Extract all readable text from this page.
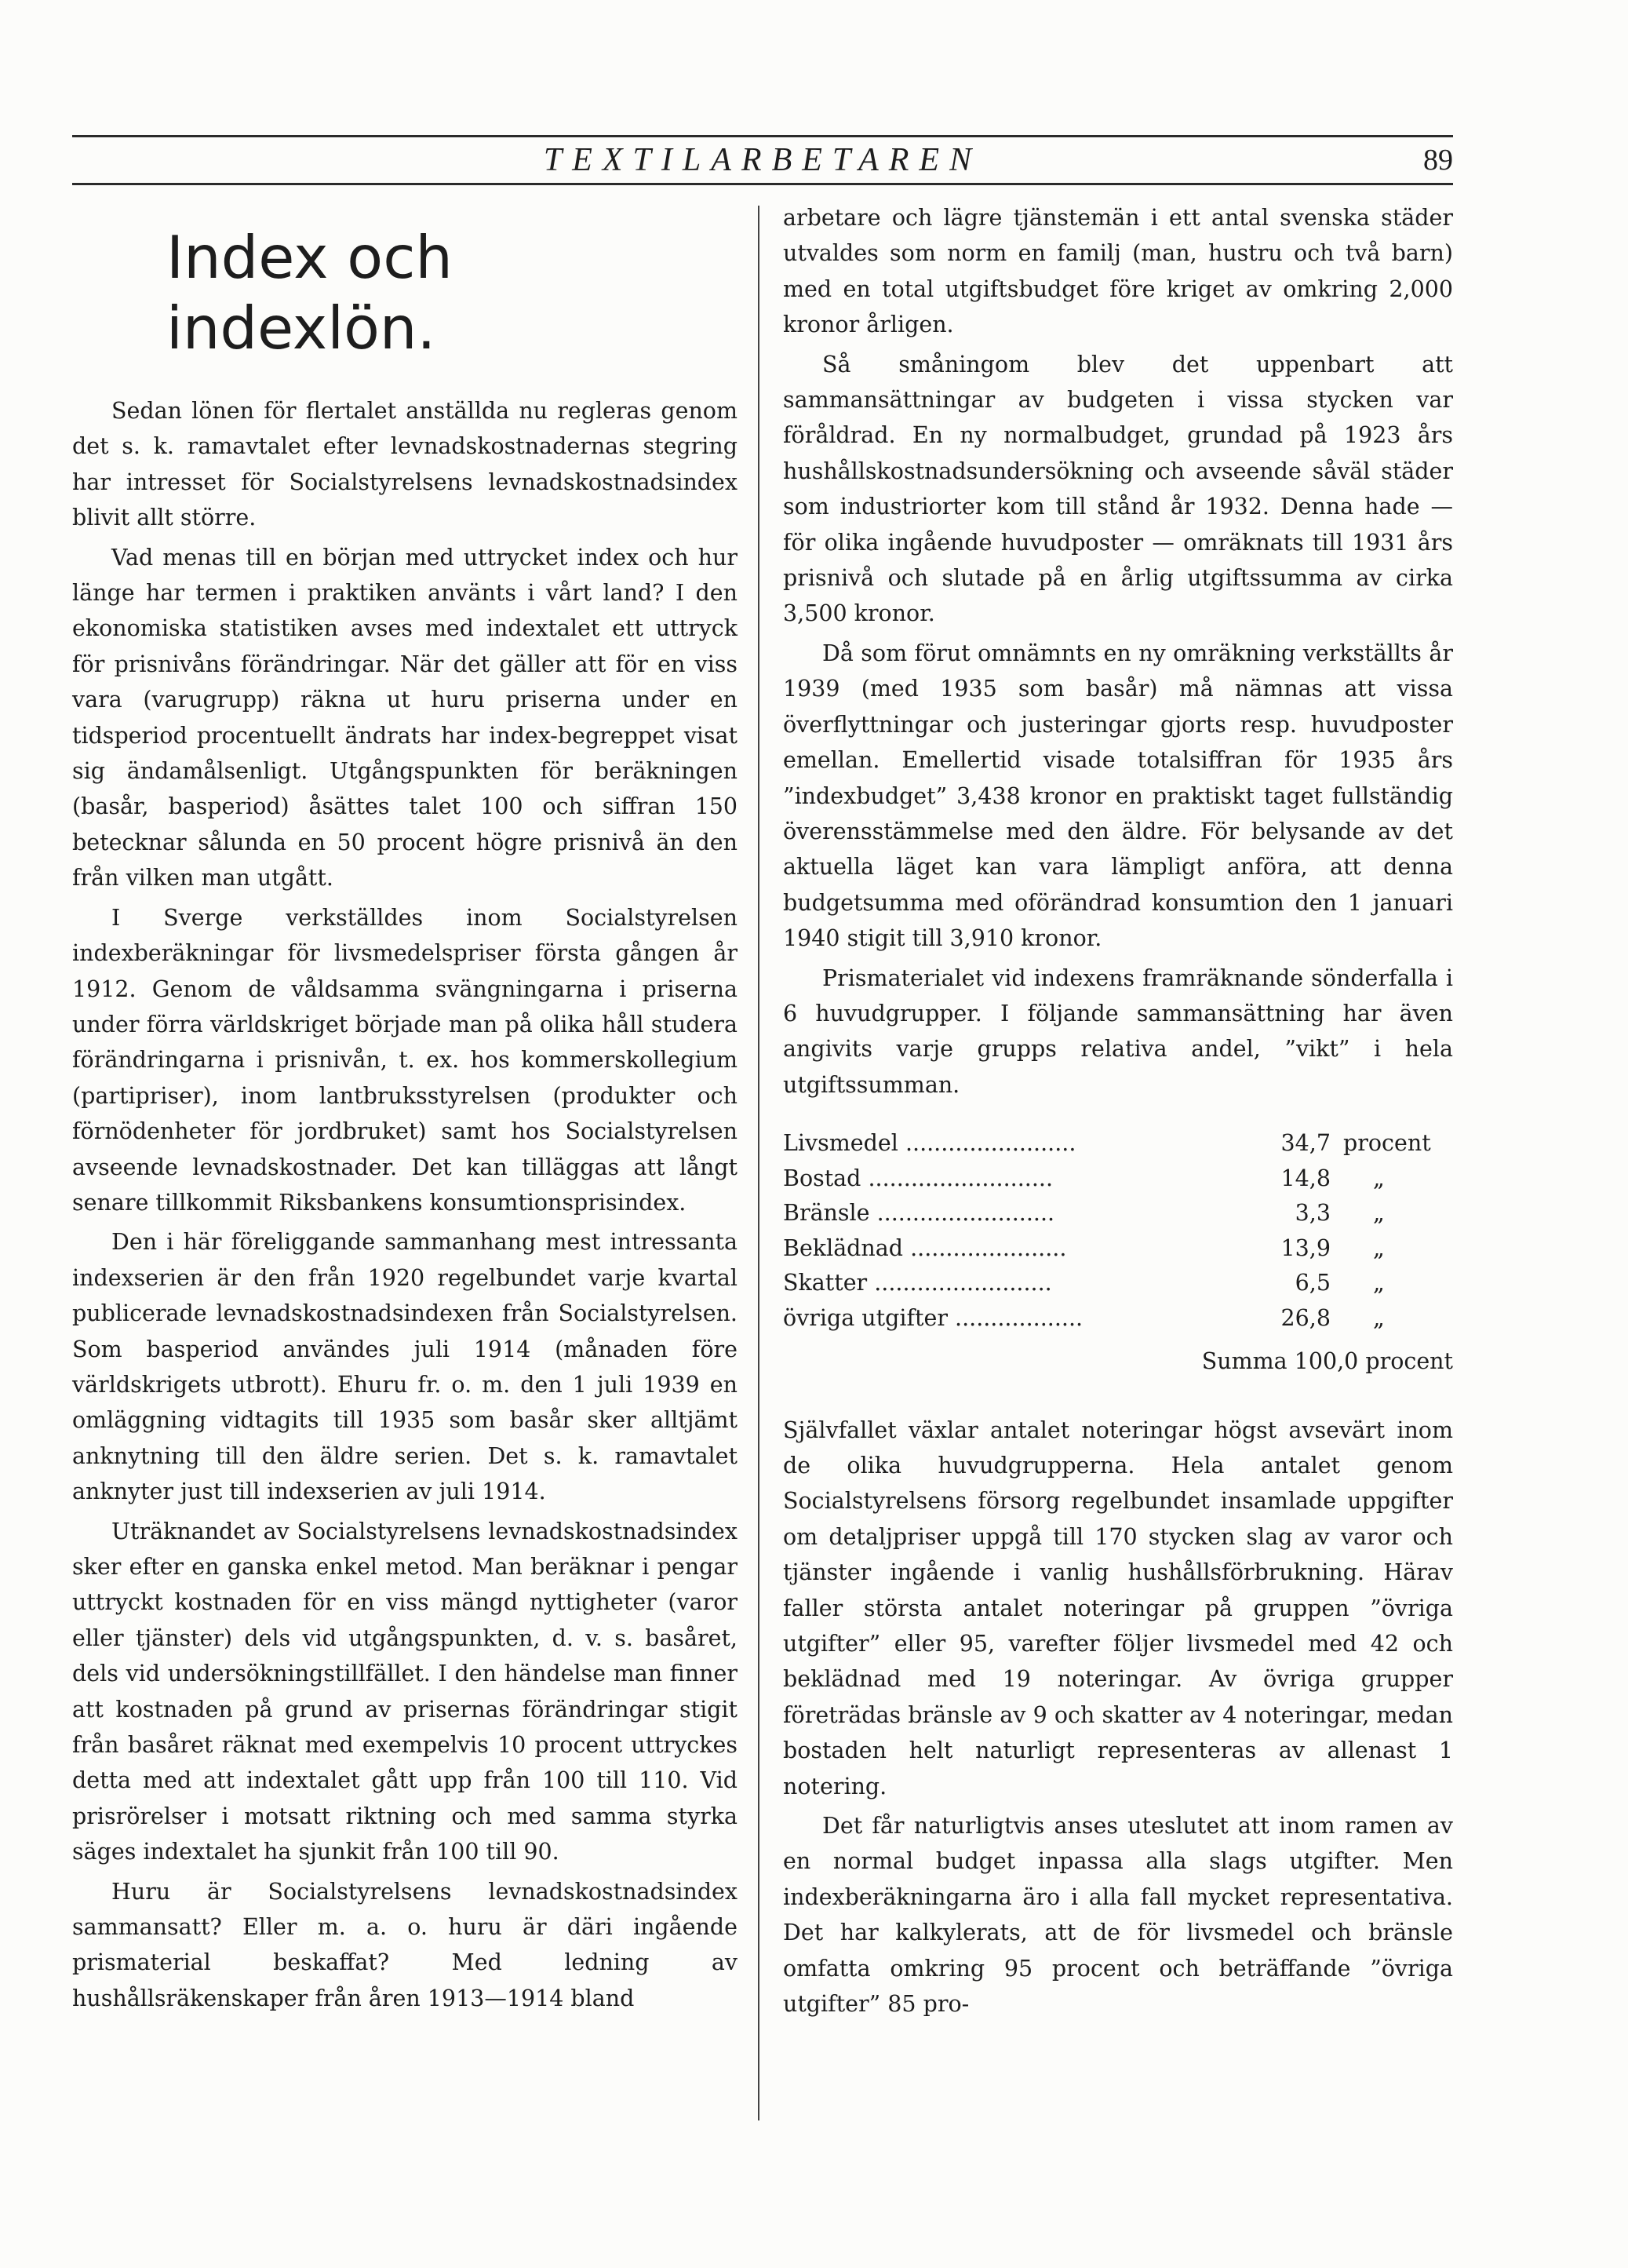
TEXTILARBETAREN	89
Index och indexlön.

Sedan lönen för flertalet anställda nu regleras genom det s. k. ramavtalet efter levnadskostnadernas stegring har intresset för Socialstyrelsens levnadskostnadsindex blivit allt större.

Vad menas till en början med uttrycket index och hur länge har termen i praktiken använts i vårt land? I den ekonomiska statistiken avses med indextalet ett uttryck för prisnivåns förändringar. När det gäller att för en viss vara (varugrupp) räkna ut huru priserna under en tidsperiod procentuellt ändrats har index-begreppet visat sig ändamålsenligt. Utgångspunkten för beräkningen (basår, basperiod) åsättes talet 100 och siffran 150 betecknar sålunda en 50 procent högre prisnivå än den från vilken man utgått.

I Sverge verkställdes inom Socialstyrelsen indexberäkningar för livsmedelspriser första gången år 1912. Genom de våldsamma svängningarna i priserna under förra världskriget började man på olika håll studera förändringarna i prisnivån, t. ex. hos kommerskollegium (partipriser), inom lantbruksstyrelsen (produkter och förnödenheter för jordbruket) samt hos Socialstyrelsen avseende levnadskostnader. Det kan tilläggas att långt senare tillkommit Riksbankens konsumtionsprisindex.

Den i här föreliggande sammanhang mest intressanta indexserien är den från 1920 regelbundet varje kvartal publicerade levnadskostnadsindexen från Socialstyrelsen. Som basperiod användes juli 1914 (månaden före världskrigets utbrott). Ehuru fr. o. m. den 1 juli 1939 en omläggning vidtagits till 1935 som basår sker alltjämt anknytning till den äldre serien. Det s. k. ramavtalet anknyter just till indexserien av juli 1914.

Uträknandet av Socialstyrelsens levnadskostnadsindex sker efter en ganska enkel metod. Man beräknar i pengar uttryckt kostnaden för en viss mängd nyttigheter (varor eller tjänster) dels vid utgångspunkten, d. v. s. basåret, dels vid undersökningstillfället. I den händelse man finner att kostnaden på grund av prisernas förändringar stigit från basåret räknat med exempelvis 10 procent uttryckes detta med att indextalet gått upp från 100 till 110. Vid prisrörelser i motsatt riktning och med samma styrka säges indextalet ha sjunkit från 100 till 90.

Huru är Socialstyrelsens levnadskostnadsindex sammansatt? Eller m. a. o. huru är däri ingående prismaterial beskaffat? Med ledning av hushållsräkenskaper från åren 1913—1914 bland

arbetare och lägre tjänstemän i ett antal svenska städer utvaldes som norm en familj (man, hustru och två barn) med en total utgiftsbudget före kriget av omkring 2,000 kronor årligen.

Så småningom blev det uppenbart att sammansättningar av budgeten i vissa stycken var föråldrad. En ny normalbudget, grundad på 1923 års hushållskostnadsundersökning och avseende såväl städer som industriorter kom till stånd år 1932. Denna hade — för olika ingående huvudposter — omräknats till 1931 års prisnivå och slutade på en årlig utgiftssumma av cirka 3,500 kronor.

Då som förut omnämnts en ny omräkning verkställts år 1939 (med 1935 som basår) må nämnas att vissa överflyttningar och justeringar gjorts resp. huvudposter emellan. Emellertid visade totalsiffran för 1935 års ”indexbudget” 3,438 kronor en praktiskt taget fullständig överensstämmelse med den äldre. För belysande av det aktuella läget kan vara lämpligt anföra, att denna budgetsumma med oförändrad konsumtion den 1 januari 1940 stigit till 3,910 kronor.

Prismaterialet vid indexens framräknande sönderfalla i 6 huvudgrupper. I följande sammansättning har även angivits varje grupps relativa andel, ”vikt” i hela utgiftssumman.

Livsmedel ........................	34,7	procent
Bostad ..........................	14,8	„
Bränsle .........................	3,3	„
Beklädnad ......................	13,9	„
Skatter .........................	6,5	„
övriga utgifter ..................	26,8	„
Summa 100,0 procent

Självfallet växlar antalet noteringar högst avsevärt inom de olika huvudgrupperna. Hela antalet genom Socialstyrelsens försorg regelbundet insamlade uppgifter om detaljpriser uppgå till 170 stycken slag av varor och tjänster ingående i vanlig hushållsförbrukning. Härav faller största antalet noteringar på gruppen ”övriga utgifter” eller 95, varefter följer livsmedel med 42 och beklädnad med 19 noteringar. Av övriga grupper företrädas bränsle av 9 och skatter av 4 noteringar, medan bostaden helt naturligt representeras av allenast 1 notering.

Det får naturligtvis anses uteslutet att inom ramen av en normal budget inpassa alla slags utgifter. Men indexberäkningarna äro i alla fall mycket representativa. Det har kalkylerats, att de för livsmedel och bränsle omfatta omkring 95 procent och beträffande ”övriga utgifter” 85 pro-
